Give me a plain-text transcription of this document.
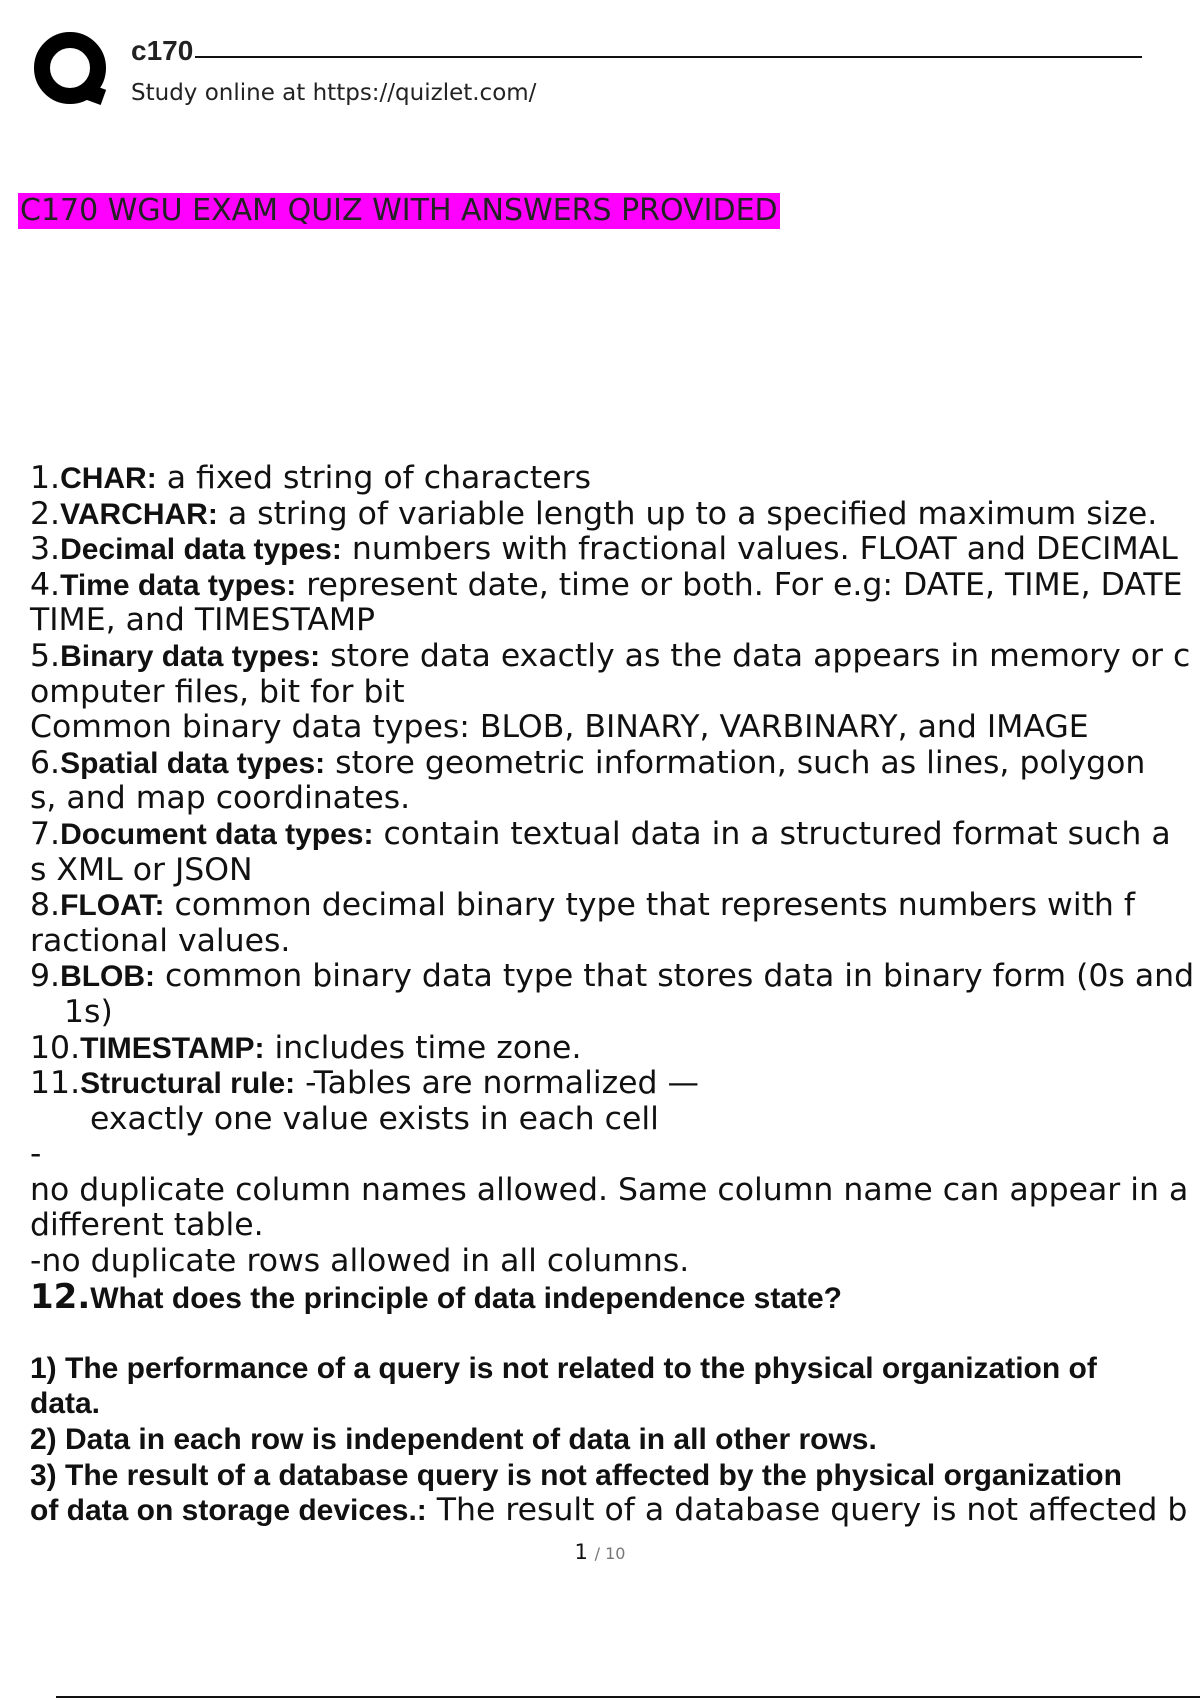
c170
Study online at https://quizlet.com/
C170 WGU EXAM QUIZ WITH ANSWERS PROVIDED
1.CHAR: a fixed string of characters
2.VARCHAR: a string of variable length up to a specified maximum size.
3.Decimal data types: numbers with fractional values. FLOAT and DECIMAL
4.Time data types: represent date, time or both. For e.g: DATE, TIME, DATE
TIME, and TIMESTAMP
5.Binary data types: store data exactly as the data appears in memory or c
omputer files, bit for bit
Common binary data types: BLOB, BINARY, VARBINARY, and IMAGE
6.Spatial data types: store geometric information, such as lines, polygon
s, and map coordinates.
7.Document data types: contain textual data in a structured format such a
s XML or JSON
8.FLOAT: common decimal binary type that represents numbers with f
ractional values.
9.BLOB: common binary data type that stores data in binary form (0s and
1s)
10.TIMESTAMP: includes time zone.
11.Structural rule: -Tables are normalized —
exactly one value exists in each cell
-
no duplicate column names allowed. Same column name can appear in a
different table.
-no duplicate rows allowed in all columns.
12.What does the principle of data independence state?
1) The performance of a query is not related to the physical organization of
data.
2) Data in each row is independent of data in all other rows.
3) The result of a database query is not affected by the physical organization
of data on storage devices.: The result of a database query is not affected b
1 / 10
